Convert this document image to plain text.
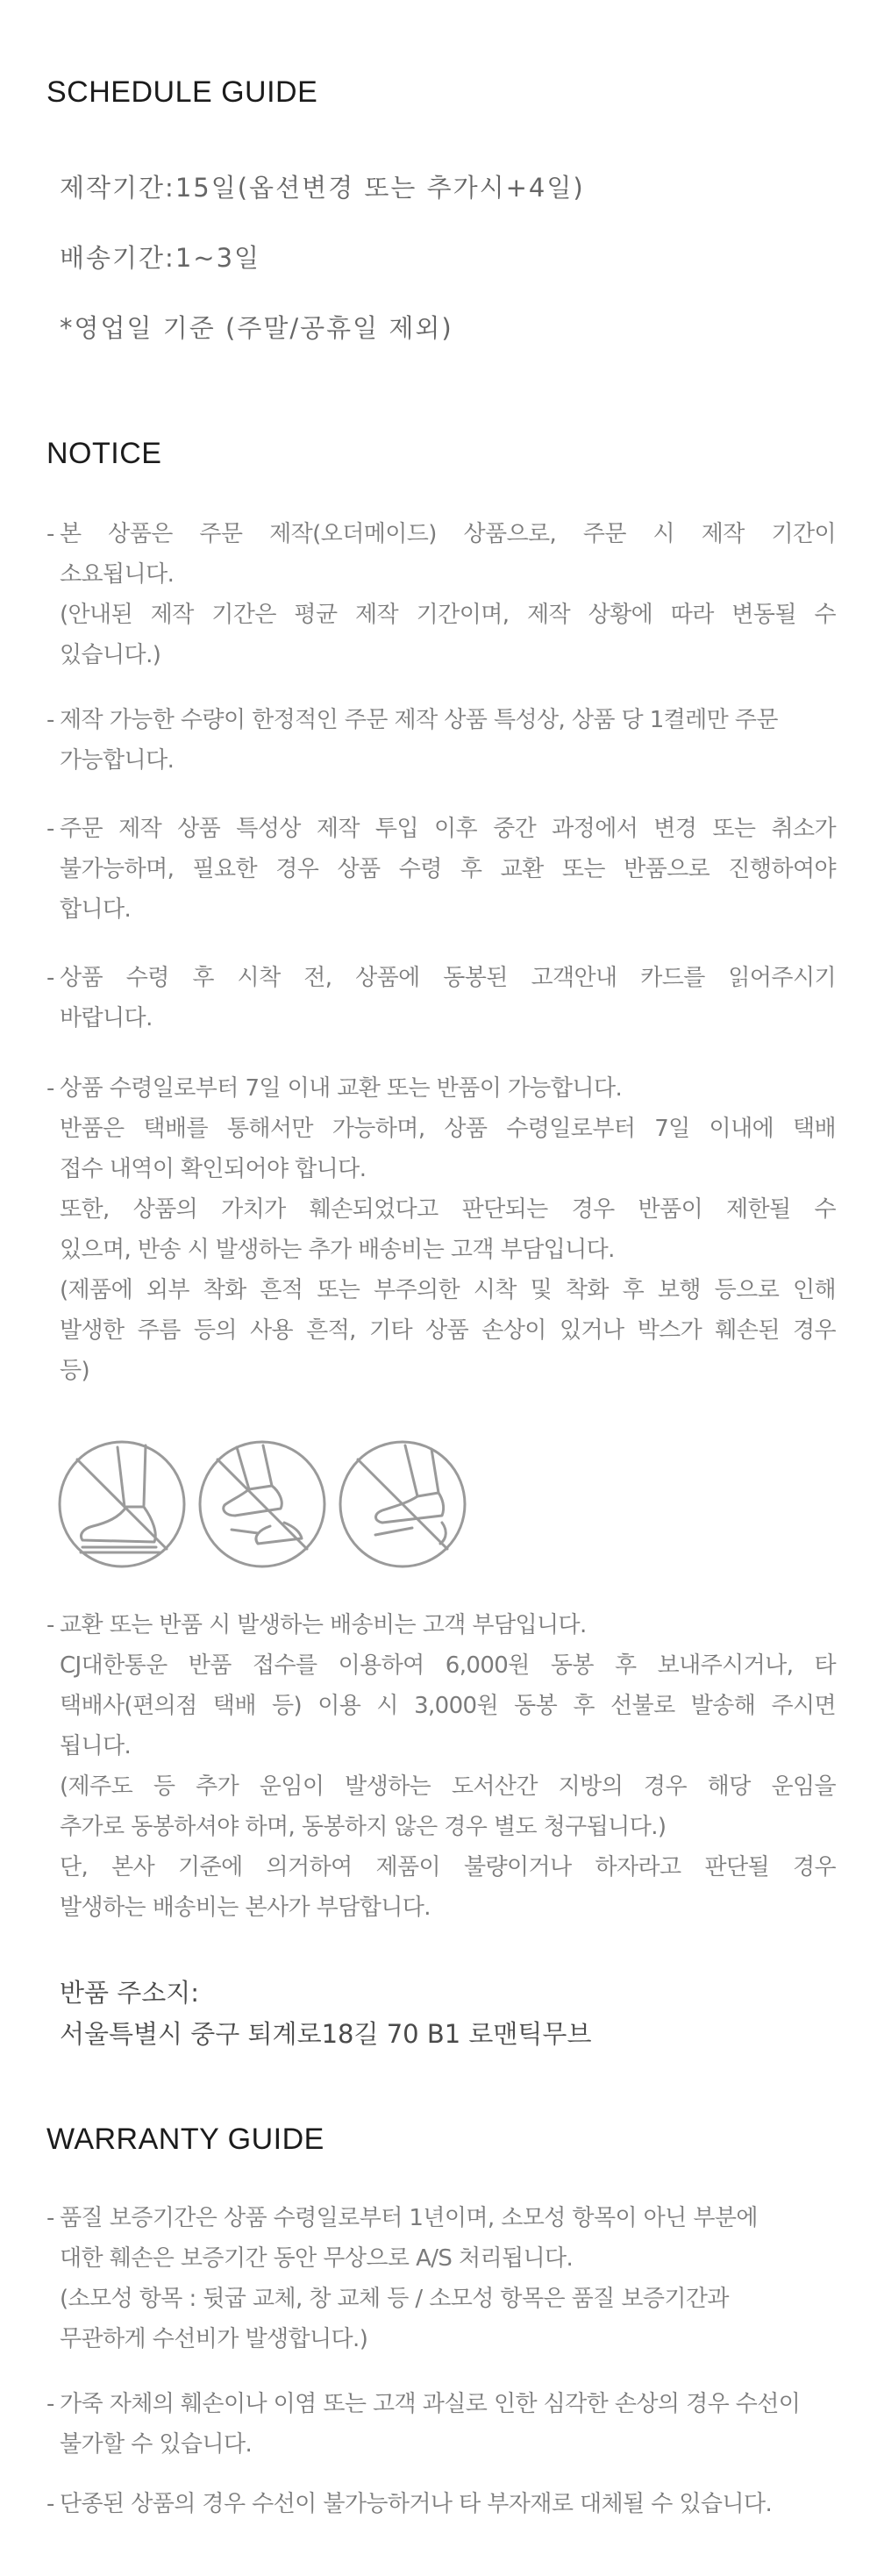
SCHEDULE GUIDE

제작기간:15일(옵션변경 또는 추가시+4일)

배송기간:1~3일

*영업일 기준 (주말/공휴일 제외)

NOTICE
- 본 상품은 주문 제작(오더메이드) 상품으로, 주문 시 제작 기간이
소요됩니다.
(안내된 제작 기간은 평균 제작 기간이며, 제작 상황에 따라 변동될 수
있습니다.)
- 제작 가능한 수량이 한정적인 주문 제작 상품 특성상, 상품 당 1켤레만 주문
가능합니다.
- 주문 제작 상품 특성상 제작 투입 이후 중간 과정에서 변경 또는 취소가
불가능하며, 필요한 경우 상품 수령 후 교환 또는 반품으로 진행하여야
합니다.
- 상품 수령 후 시착 전, 상품에 동봉된 고객안내 카드를 읽어주시기
바랍니다.
- 상품 수령일로부터 7일 이내 교환 또는 반품이 가능합니다.
반품은 택배를 통해서만 가능하며, 상품 수령일로부터 7일 이내에 택배
접수 내역이 확인되어야 합니다.
또한, 상품의 가치가 훼손되었다고 판단되는 경우 반품이 제한될 수
있으며, 반송 시 발생하는 추가 배송비는 고객 부담입니다.
(제품에 외부 착화 흔적 또는 부주의한 시착 및 착화 후 보행 등으로 인해
발생한 주름 등의 사용 흔적, 기타 상품 손상이 있거나 박스가 훼손된 경우
등)
- 교환 또는 반품 시 발생하는 배송비는 고객 부담입니다.
CJ대한통운 반품 접수를 이용하여 6,000원 동봉 후 보내주시거나, 타
택배사(편의점 택배 등) 이용 시 3,000원 동봉 후 선불로 발송해 주시면
됩니다.
(제주도 등 추가 운임이 발생하는 도서산간 지방의 경우 해당 운임을
추가로 동봉하셔야 하며, 동봉하지 않은 경우 별도 청구됩니다.)
단, 본사 기준에 의거하여 제품이 불량이거나 하자라고 판단될 경우
발생하는 배송비는 본사가 부담합니다.

반품 주소지:

서울특별시 중구 퇴계로18길 70 B1 로맨틱무브

WARRANTY GUIDE
- 품질 보증기간은 상품 수령일로부터 1년이며, 소모성 항목이 아닌 부분에
대한 훼손은 보증기간 동안 무상으로 A/S 처리됩니다.
(소모성 항목 : 뒷굽 교체, 창 교체 등 / 소모성 항목은 품질 보증기간과
무관하게 수선비가 발생합니다.)
- 가죽 자체의 훼손이나 이염 또는 고객 과실로 인한 심각한 손상의 경우 수선이
불가할 수 있습니다.
- 단종된 상품의 경우 수선이 불가능하거나 타 부자재로 대체될 수 있습니다.
